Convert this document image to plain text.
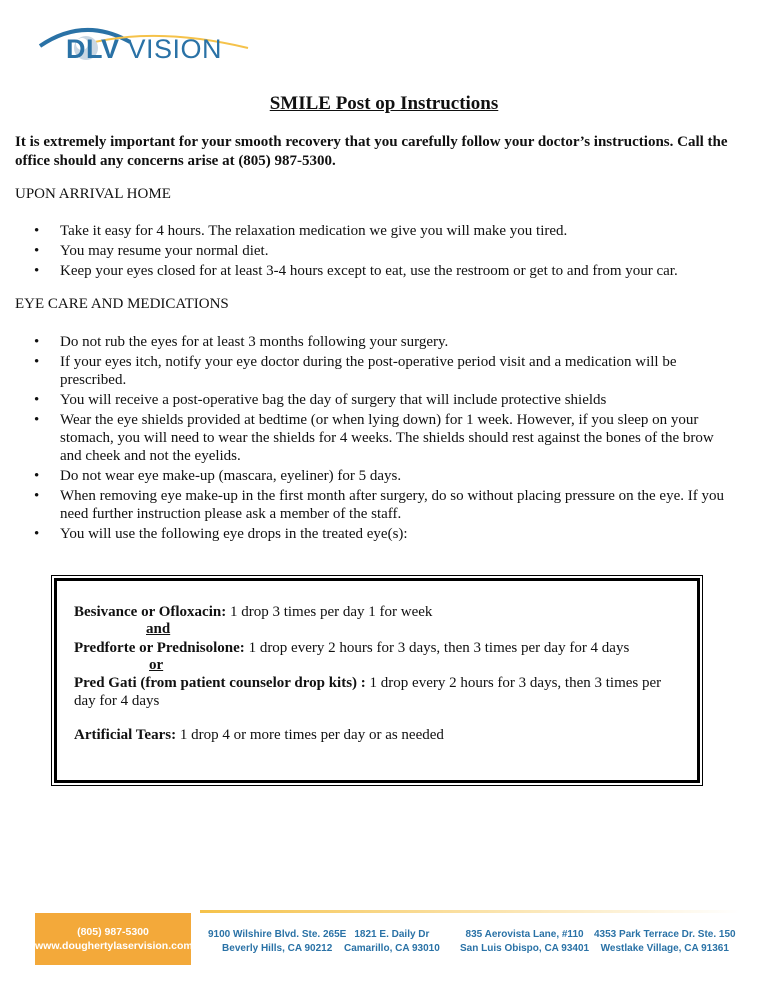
DLV VISION
SMILE Post op Instructions
It is extremely important for your smooth recovery that you carefully follow your doctor’s instructions. Call the office should any concerns arise at (805) 987-5300.
UPON ARRIVAL HOME
• Take it easy for 4 hours. The relaxation medication we give you will make you tired.
• You may resume your normal diet.
• Keep your eyes closed for at least 3-4 hours except to eat, use the restroom or get to and from your car.
EYE CARE AND MEDICATIONS
• Do not rub the eyes for at least 3 months following your surgery.
• If your eyes itch, notify your eye doctor during the post-operative period visit and a medication will be prescribed.
• You will receive a post-operative bag the day of surgery that will include protective shields
• Wear the eye shields provided at bedtime (or when lying down) for 1 week. However, if you sleep on your stomach, you will need to wear the shields for 4 weeks. The shields should rest against the bones of the brow and cheek and not the eyelids.
• Do not wear eye make-up (mascara, eyeliner) for 5 days.
• When removing eye make-up in the first month after surgery, do so without placing pressure on the eye. If you need further instruction please ask a member of the staff.
• You will use the following eye drops in the treated eye(s):
Besivance or Ofloxacin: 1 drop 3 times per day 1 for week
and
Predforte or Prednisolone: 1 drop every 2 hours for 3 days, then 3 times per day for 4 days
or
Pred Gati (from patient counselor drop kits) : 1 drop every 2 hours for 3 days, then 3 times per day for 4 days
Artificial Tears: 1 drop 4 or more times per day or as needed
(805) 987-5300
www.doughertylaservision.com
9100 Wilshire Blvd. Ste. 265E
Beverly Hills, CA 90212
1821 E. Daily Dr
Camarillo, CA 93010
835 Aerovista Lane, #110
San Luis Obispo, CA 93401
4353 Park Terrace Dr. Ste. 150
Westlake Village, CA 91361
